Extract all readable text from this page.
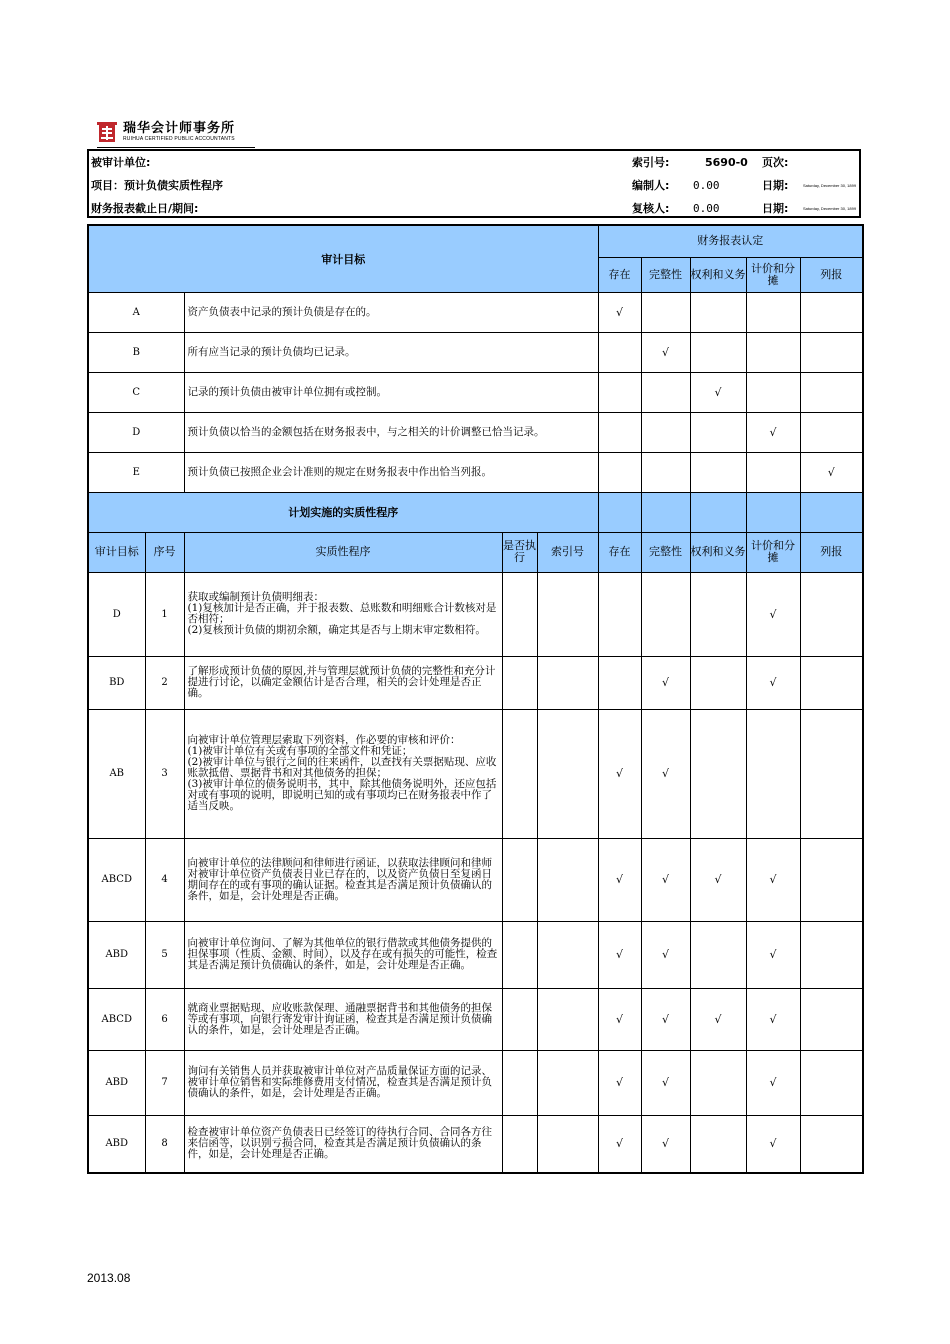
瑞华会计师事务所
RUIHUA CERTIFIED PUBLIC ACCOUNTANTS
被审计单位:	索引号:	5690-0 页次:
项目：预计负债实质性程序	编制人: 0.00	日期:	Saturday, December 30, 1899
财务报表截止日/期间:	复核人: 0.00	日期:	Saturday, December 30, 1899
审计目标					财务报表认定				
					存在	完整性	权利和义务	计价和分摊	列报
A		资产负债表中记录的预计负债是存在的。			√				
B		所有应当记录的预计负债均已记录。				√			
C		记录的预计负债由被审计单位拥有或控制。					√		
D		预计负债以恰当的金额包括在财务报表中，与之相关的计价调整已恰当记录。						√	
E		预计负债已按照企业会计准则的规定在财务报表中作出恰当列报。							√
计划实施的实质性程序									
审计目标	序号	实质性程序	是否执行	索引号	存在	完整性	权利和义务	计价和分摊	列报
D	1	获取或编制预计负债明细表：
(1)复核加计是否正确，并于报表数、总账数和明细账合计数核对是否相符；
(2)复核预计负债的期初余额，确定其是否与上期末审定数相符。						√	
BD	2	了解形成预计负债的原因,并与管理层就预计负债的完整性和充分计提进行讨论，以确定金额估计是否合理，相关的会计处理是否正确。				√		√	
AB	3	向被审计单位管理层索取下列资料，作必要的审核和评价：
(1)被审计单位有关或有事项的全部文件和凭证；
(2)被审计单位与银行之间的往来函件，以查找有关票据贴现、应收账款抵借、票据背书和对其他债务的担保；
(3)被审计单位的债务说明书，其中，除其他债务说明外，还应包括对或有事项的说明，即说明已知的或有事项均已在财务报表中作了适当反映。			√	√			
ABCD	4	向被审计单位的法律顾问和律师进行函证，以获取法律顾问和律师对被审计单位资产负债表日业已存在的，以及资产负债日至复函日期间存在的或有事项的确认证据。检查其是否满足预计负债确认的条件，如是，会计处理是否正确。			√	√	√	√	
ABD	5	向被审计单位询问、了解为其他单位的银行借款或其他债务提供的担保事项（性质、金额、时间），以及存在或有损失的可能性，检查其是否满足预计负债确认的条件，如是，会计处理是否正确。			√	√		√	
ABCD	6	就商业票据贴现、应收账款保理、通融票据背书和其他债务的担保等或有事项，向银行寄发审计询证函，检查其是否满足预计负债确认的条件，如是，会计处理是否正确。			√	√	√	√	
ABD	7	询问有关销售人员并获取被审计单位对产品质量保证方面的记录、被审计单位销售和实际维修费用支付情况，检查其是否满足预计负债确认的条件，如是，会计处理是否正确。			√	√		√	
ABD	8	检查被审计单位资产负债表日已经签订的待执行合同、合同各方往来信函等，以识别亏损合同，检查其是否满足预计负债确认的条件，如是，会计处理是否正确。			√	√		√	
2013.08
